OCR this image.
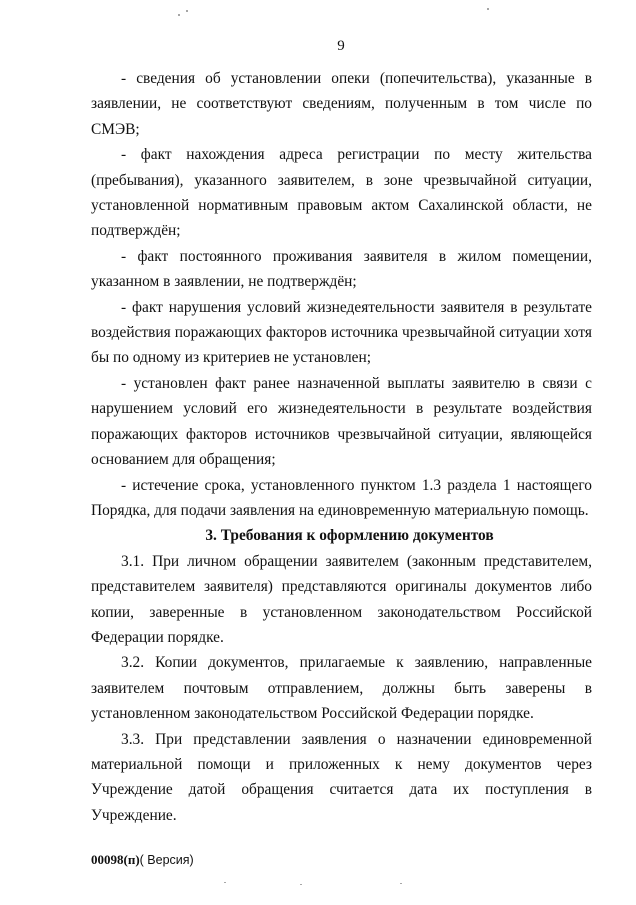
9

- сведения об установлении опеки (попечительства), указанные в заявлении, не соответствуют сведениям, полученным в том числе по СМЭВ;

- факт нахождения адреса регистрации по месту жительства (пребывания), указанного заявителем, в зоне чрезвычайной ситуации, установленной нормативным правовым актом Сахалинской области, не подтверждён;

- факт постоянного проживания заявителя в жилом помещении, указанном в заявлении, не подтверждён;

- факт нарушения условий жизнедеятельности заявителя в результате воздействия поражающих факторов источника чрезвычайной ситуации хотя бы по одному из критериев не установлен;

- установлен факт ранее назначенной выплаты заявителю в связи с нарушением условий его жизнедеятельности в результате воздействия поражающих факторов источников чрезвычайной ситуации, являющейся основанием для обращения;

- истечение срока, установленного пунктом 1.3 раздела 1 настоящего Порядка, для подачи заявления на единовременную материальную помощь.

3. Требования к оформлению документов

3.1. При личном обращении заявителем (законным представителем, представителем заявителя) представляются оригиналы документов либо копии, заверенные в установленном законодательством Российской Федерации порядке.

3.2. Копии документов, прилагаемые к заявлению, направленные заявителем почтовым отправлением, должны быть заверены в установленном законодательством Российской Федерации порядке.

3.3. При представлении заявления о назначении единовременной материальной помощи и приложенных к нему документов через Учреждение датой обращения считается дата их поступления в Учреждение.

00098(п)( Версия)
